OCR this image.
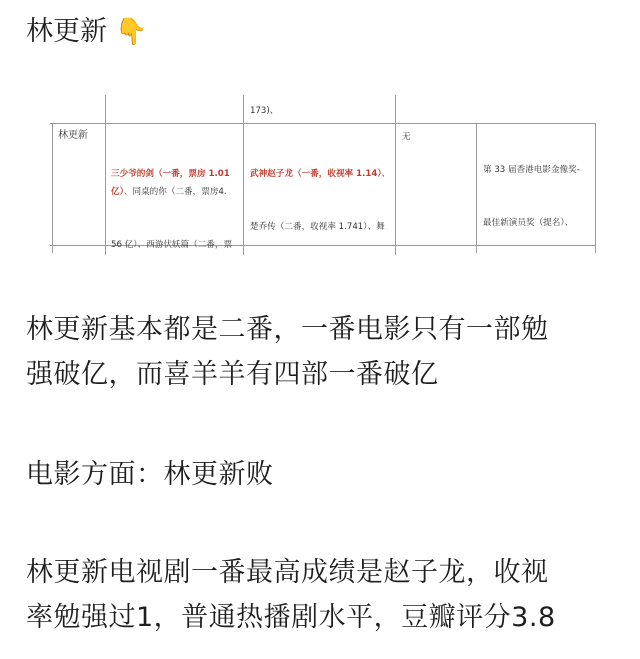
林更新 👇
173)、
林更新

三少爷的剑（一番，票房 1.01 亿）、同桌的你（二番，票房4.

56 亿）、西游伏妖篇（二番，票

武神赵子龙（一番，收视率 1.14）、

楚乔传（二番，收视率 1.741）、舞

无

第 33 届香港电影金像奖-

最佳新演员奖（提名）、

林更新基本都是二番，一番电影只有一部勉
强破亿，而喜羊羊有四部一番破亿
电影方面：林更新败
林更新电视剧一番最高成绩是赵子龙，收视
率勉强过1，普通热播剧水平，豆瓣评分3.8
